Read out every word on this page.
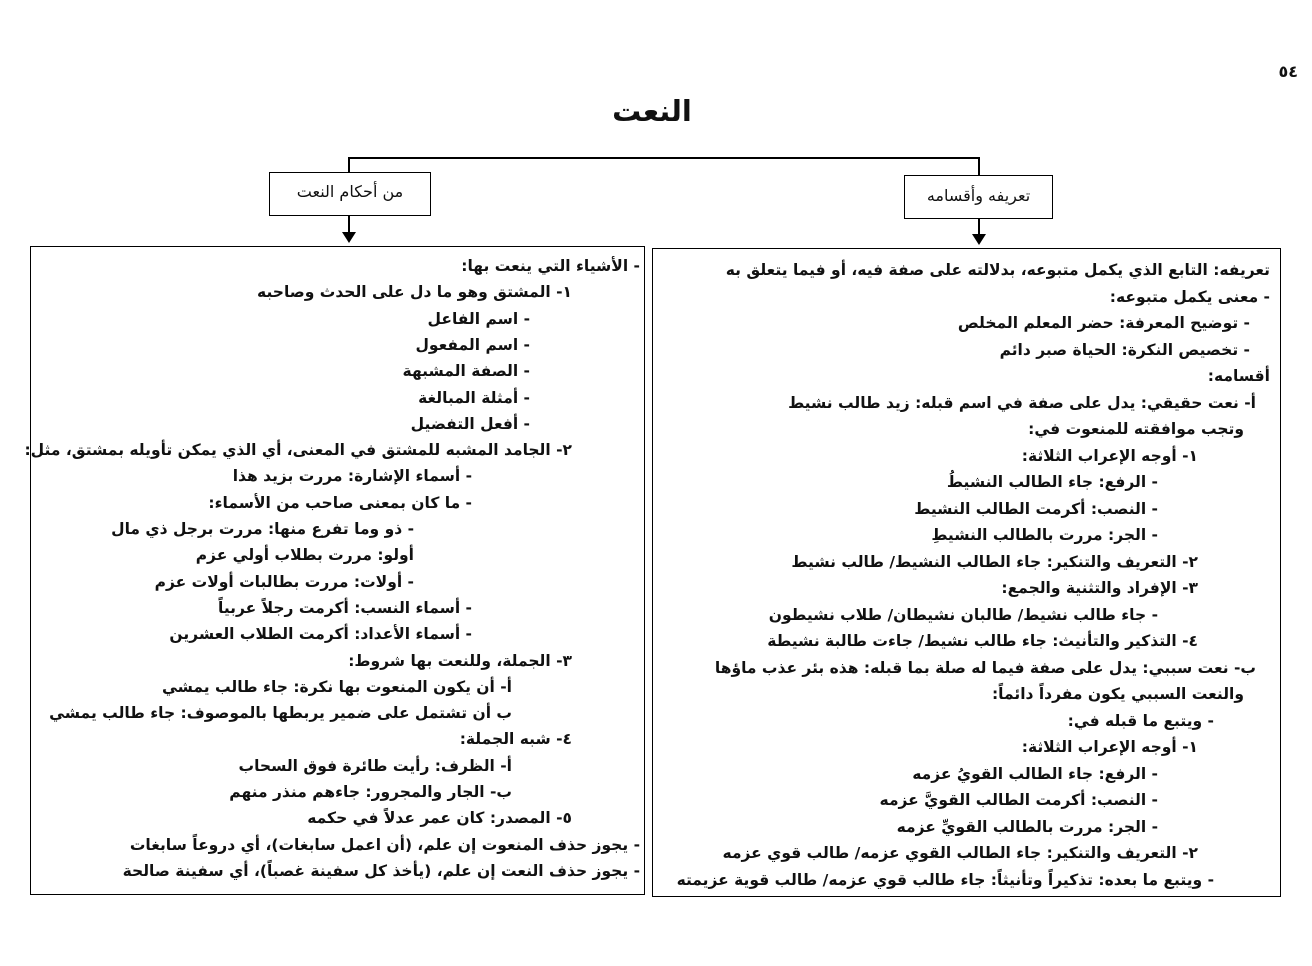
٥٤
النعت
من أحكام النعت	تعريفه وأقسامه
- الأشياء التي ينعت بها:
١- المشتق وهو ما دل على الحدث وصاحبه
- اسم الفاعل
- اسم المفعول
- الصفة المشبهة
- أمثلة المبالغة
- أفعل التفضيل
٢- الجامد المشبه للمشتق في المعنى، أي الذي يمكن تأويله بمشتق، مثل:
- أسماء الإشارة: مررت بزيد هذا
- ما كان بمعنى صاحب من الأسماء:
- ذو وما تفرع منها: مررت برجل ذي مال
أولو: مررت بطلاب أولي عزم
- أولات: مررت بطالبات أولات عزم
- أسماء النسب: أكرمت رجلاً عربياً
- أسماء الأعداد: أكرمت الطلاب العشرين
٣- الجملة، وللنعت بها شروط:
أ- أن يكون المنعوت بها نكرة: جاء طالب يمشي
ب أن تشتمل على ضمير يربطها بالموصوف: جاء طالب يمشي
٤- شبه الجملة:
أ- الظرف: رأيت طائرة فوق السحاب
ب- الجار والمجرور: جاءهم منذر منهم
٥- المصدر: كان عمر عدلاً في حكمه
- يجوز حذف المنعوت إن علم، (أن اعمل سابغات)، أي دروعاً سابغات
- يجوز حذف النعت إن علم، (يأخذ كل سفينة غصباً)، أي سفينة صالحة
تعريفه: التابع الذي يكمل متبوعه، بدلالته على صفة فيه، أو فيما يتعلق به
- معنى يكمل متبوعه:
- توضيح المعرفة: حضر المعلم المخلص
- تخصيص النكرة: الحياة صبر دائم
أقسامه:
أ- نعت حقيقي: يدل على صفة في اسم قبله: زيد طالب نشيط
وتجب موافقته للمنعوت في:
١- أوجه الإعراب الثلاثة:
- الرفع: جاء الطالب النشيطُ
- النصب: أكرمت الطالب النشيط
- الجر: مررت بالطالب النشيطِ
٢- التعريف والتنكير: جاء الطالب النشيط/ طالب نشيط
٣- الإفراد والتثنية والجمع:
- جاء طالب نشيط/ طالبان نشيطان/ طلاب نشيطون
٤- التذكير والتأنيث: جاء طالب نشيط/ جاءت طالبة نشيطة
ب- نعت سببي: يدل على صفة فيما له صلة بما قبله: هذه بئر عذب ماؤها
والنعت السببي يكون مفرداً دائماً:
- ويتبع ما قبله في:
١- أوجه الإعراب الثلاثة:
- الرفع: جاء الطالب القويُ عزمه
- النصب: أكرمت الطالب القويَّ عزمه
- الجر: مررت بالطالب القويِّ عزمه
٢- التعريف والتنكير: جاء الطالب القوي عزمه/ طالب قوي عزمه
- ويتبع ما بعده: تذكيراً وتأنيثاً: جاء طالب قوي عزمه/ طالب قوية عزيمته
